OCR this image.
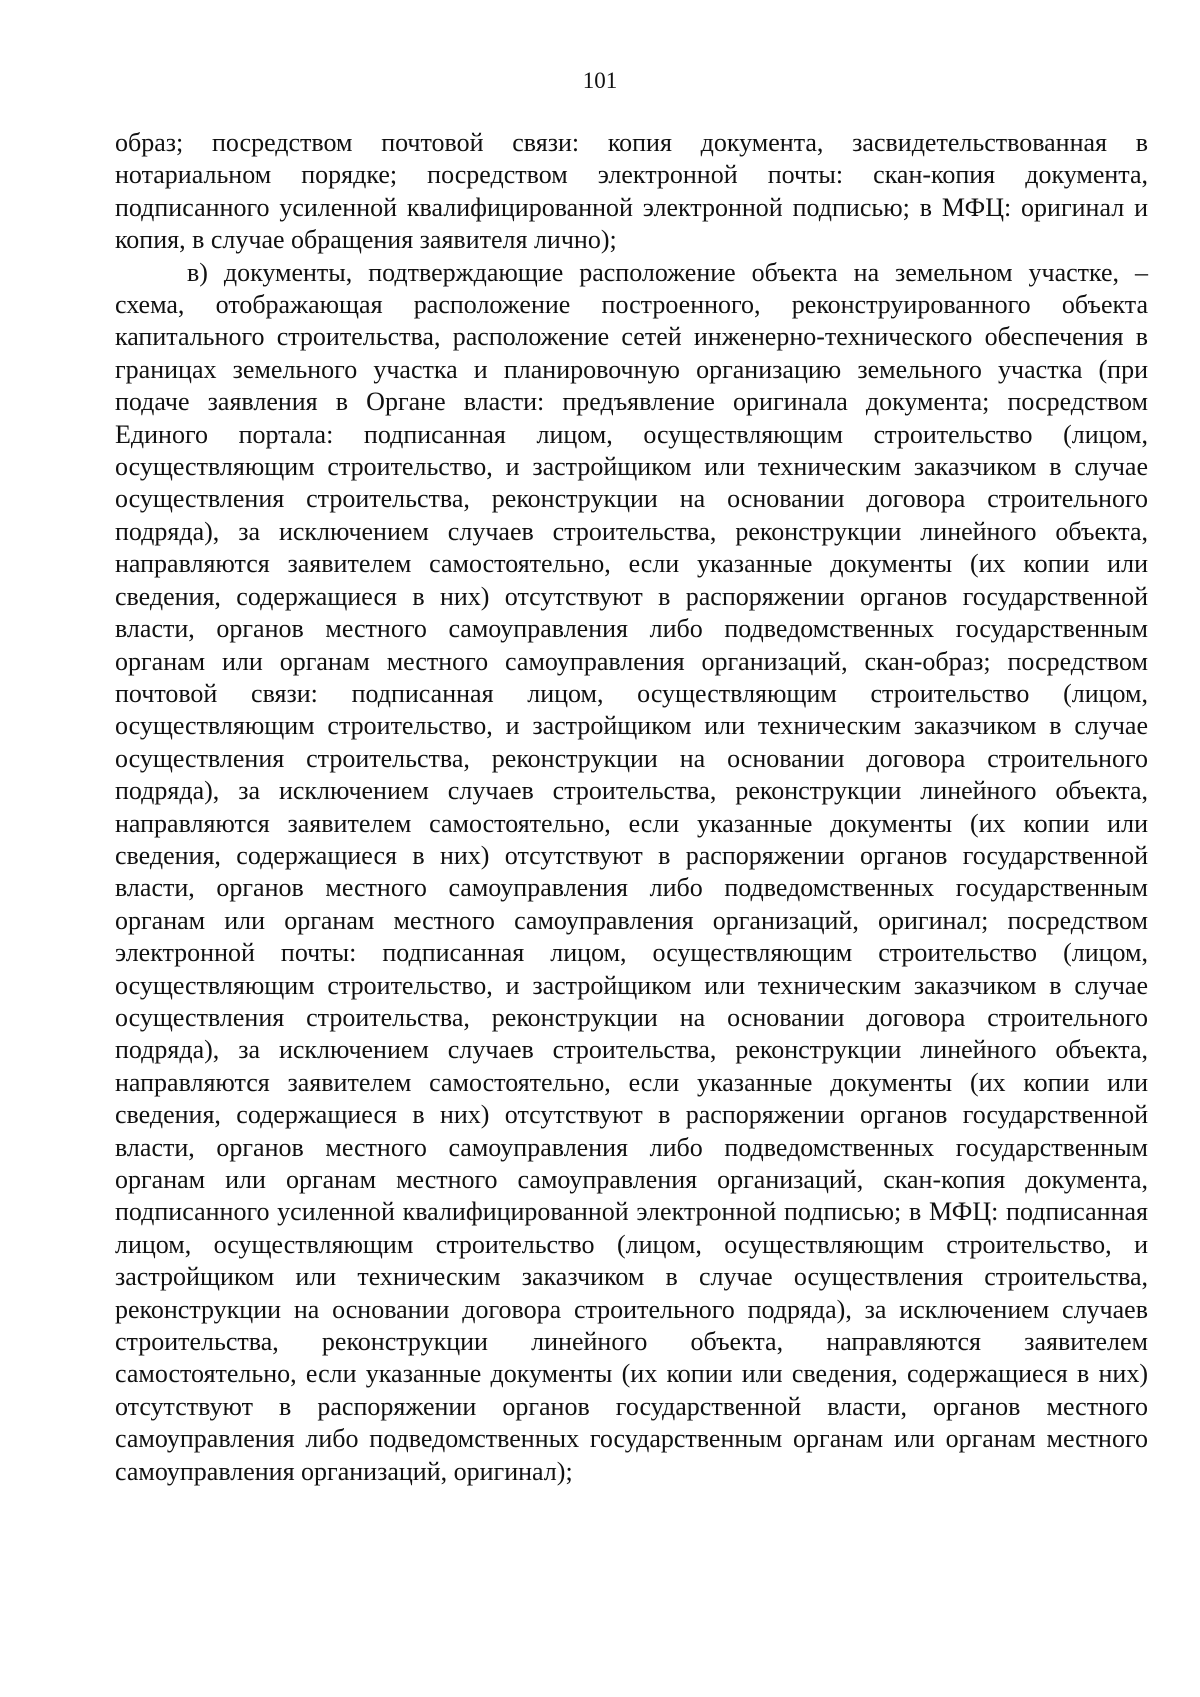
101

образ; посредством почтовой связи: копия документа, засвидетельствованная в нотариальном порядке; посредством электронной почты: скан-копия документа, подписанного усиленной квалифицированной электронной подписью; в МФЦ: оригинал и копия, в случае обращения заявителя лично);

в) документы, подтверждающие расположение объекта на земельном участке, – схема, отображающая расположение построенного, реконструированного объекта капитального строительства, расположение сетей инженерно-технического обеспечения в границах земельного участка и планировочную организацию земельного участка (при подаче заявления в Органе власти: предъявление оригинала документа; посредством Единого портала: подписанная лицом, осуществляющим строительство (лицом, осуществляющим строительство, и застройщиком или техническим заказчиком в случае осуществления строительства, реконструкции на основании договора строительного подряда), за исключением случаев строительства, реконструкции линейного объекта, направляются заявителем самостоятельно, если указанные документы (их копии или сведения, содержащиеся в них) отсутствуют в распоряжении органов государственной власти, органов местного самоуправления либо подведомственных государственным органам или органам местного самоуправления организаций, скан-образ; посредством почтовой связи: подписанная лицом, осуществляющим строительство (лицом, осуществляющим строительство, и застройщиком или техническим заказчиком в случае осуществления строительства, реконструкции на основании договора строительного подряда), за исключением случаев строительства, реконструкции линейного объекта, направляются заявителем самостоятельно, если указанные документы (их копии или сведения, содержащиеся в них) отсутствуют в распоряжении органов государственной власти, органов местного самоуправления либо подведомственных государственным органам или органам местного самоуправления организаций, оригинал; посредством электронной почты: подписанная лицом, осуществляющим строительство (лицом, осуществляющим строительство, и застройщиком или техническим заказчиком в случае осуществления строительства, реконструкции на основании договора строительного подряда), за исключением случаев строительства, реконструкции линейного объекта, направляются заявителем самостоятельно, если указанные документы (их копии или сведения, содержащиеся в них) отсутствуют в распоряжении органов государственной власти, органов местного самоуправления либо подведомственных государственным органам или органам местного самоуправления организаций, скан-копия документа, подписанного усиленной квалифицированной электронной подписью; в МФЦ: подписанная лицом, осуществляющим строительство (лицом, осуществляющим строительство, и застройщиком или техническим заказчиком в случае осуществления строительства, реконструкции на основании договора строительного подряда), за исключением случаев строительства, реконструкции линейного объекта, направляются заявителем самостоятельно, если указанные документы (их копии или сведения, содержащиеся в них) отсутствуют в распоряжении органов государственной власти, органов местного самоуправления либо подведомственных государственным органам или органам местного самоуправления организаций, оригинал);
